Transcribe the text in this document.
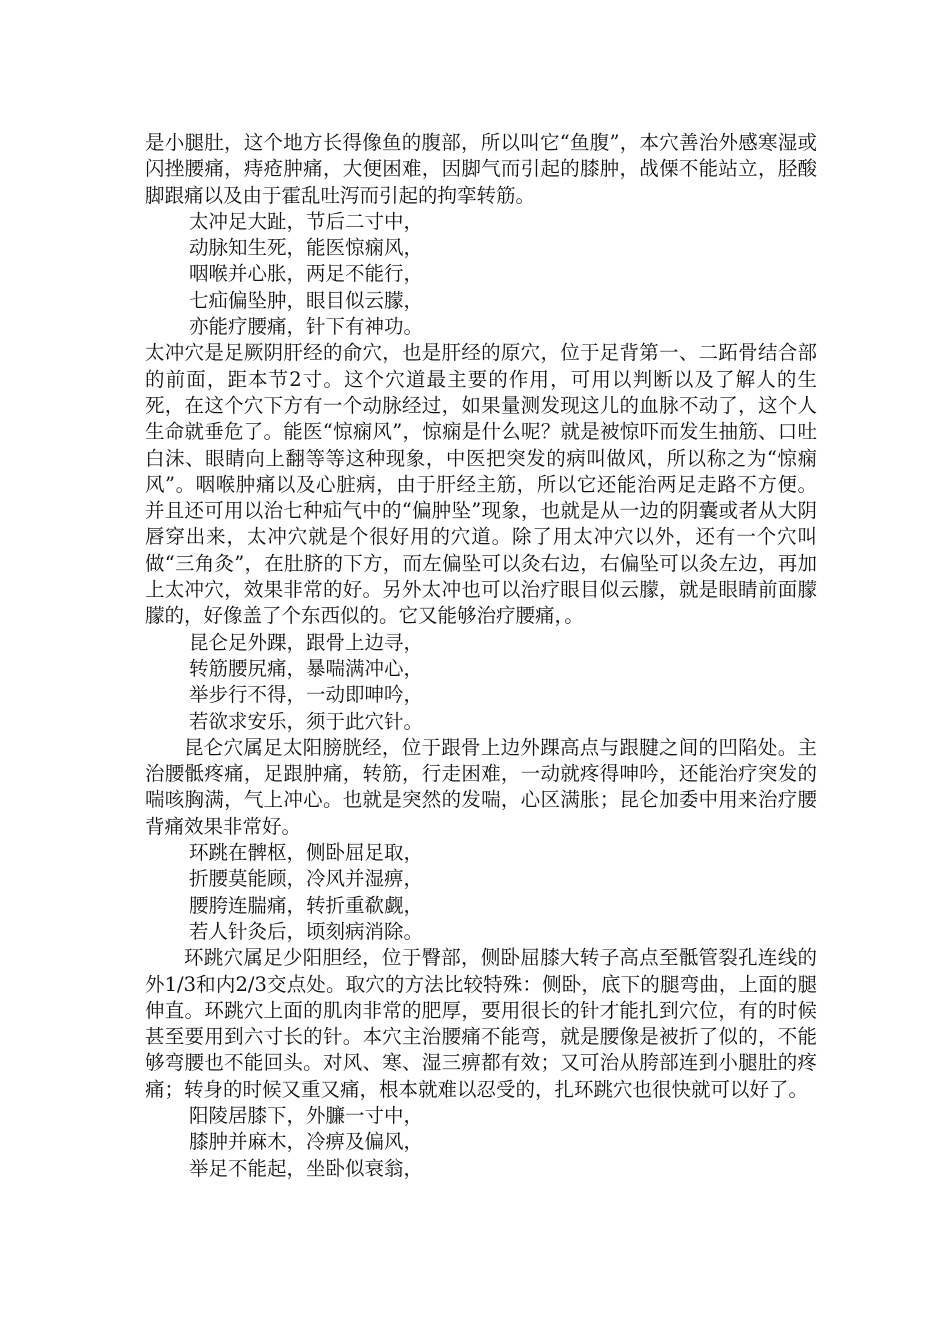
是小腿肚，这个地方长得像鱼的腹部，所以叫它“鱼腹”，本穴善治外感寒湿或闪挫腰痛，痔疮肿痛，大便困难，因脚气而引起的膝肿，战傈不能站立，胫酸脚跟痛以及由于霍乱吐泻而引起的拘挛转筋。

太冲足大趾，节后二寸中，

动脉知生死，能医惊痫风，

咽喉并心胀，两足不能行，

七疝偏坠肿，眼目似云朦，

亦能疗腰痛，针下有神功。

太冲穴是足厥阴肝经的俞穴，也是肝经的原穴，位于足背第一、二跖骨结合部的前面，距本节2寸。这个穴道最主要的作用，可用以判断以及了解人的生死，在这个穴下方有一个动脉经过，如果量测发现这儿的血脉不动了，这个人生命就垂危了。能医“惊痫风”，惊痫是什么呢？就是被惊吓而发生抽筋、口吐白沫、眼睛向上翻等等这种现象，中医把突发的病叫做风，所以称之为“惊痫风”。咽喉肿痛以及心脏病，由于肝经主筋，所以它还能治两足走路不方便。并且还可用以治七种疝气中的“偏肿坠”现象，也就是从一边的阴囊或者从大阴唇穿出来，太冲穴就是个很好用的穴道。除了用太冲穴以外，还有一个穴叫做“三角灸”，在肚脐的下方，而左偏坠可以灸右边，右偏坠可以灸左边，再加上太冲穴，效果非常的好。另外太冲也可以治疗眼目似云朦，就是眼睛前面朦朦的，好像盖了个东西似的。它又能够治疗腰痛，。

昆仑足外踝，跟骨上边寻，

转筋腰尻痛，暴喘满冲心，

举步行不得，一动即呻吟，

若欲求安乐，须于此穴针。

昆仑穴属足太阳膀胱经，位于跟骨上边外踝高点与跟腱之间的凹陷处。主治腰骶疼痛，足跟肿痛，转筋，行走困难，一动就疼得呻吟，还能治疗突发的喘咳胸满，气上冲心。也就是突然的发喘，心区满胀；昆仑加委中用来治疗腰背痛效果非常好。

环跳在髀枢，侧卧屈足取，

折腰莫能顾，冷风并湿痹，

腰胯连腨痛，转折重欷觑，

若人针灸后，顷刻病消除。

环跳穴属足少阳胆经，位于臀部，侧卧屈膝大转子高点至骶管裂孔连线的外1/3和内2/3交点处。取穴的方法比较特殊：侧卧，底下的腿弯曲，上面的腿伸直。环跳穴上面的肌肉非常的肥厚，要用很长的针才能扎到穴位，有的时候甚至要用到六寸长的针。本穴主治腰痛不能弯，就是腰像是被折了似的，不能够弯腰也不能回头。对风、寒、湿三痹都有效；又可治从胯部连到小腿肚的疼痛；转身的时候又重又痛，根本就难以忍受的，扎环跳穴也很快就可以好了。

阳陵居膝下，外臁一寸中，

膝肿并麻木，冷痹及偏风，

举足不能起，坐卧似衰翁，
